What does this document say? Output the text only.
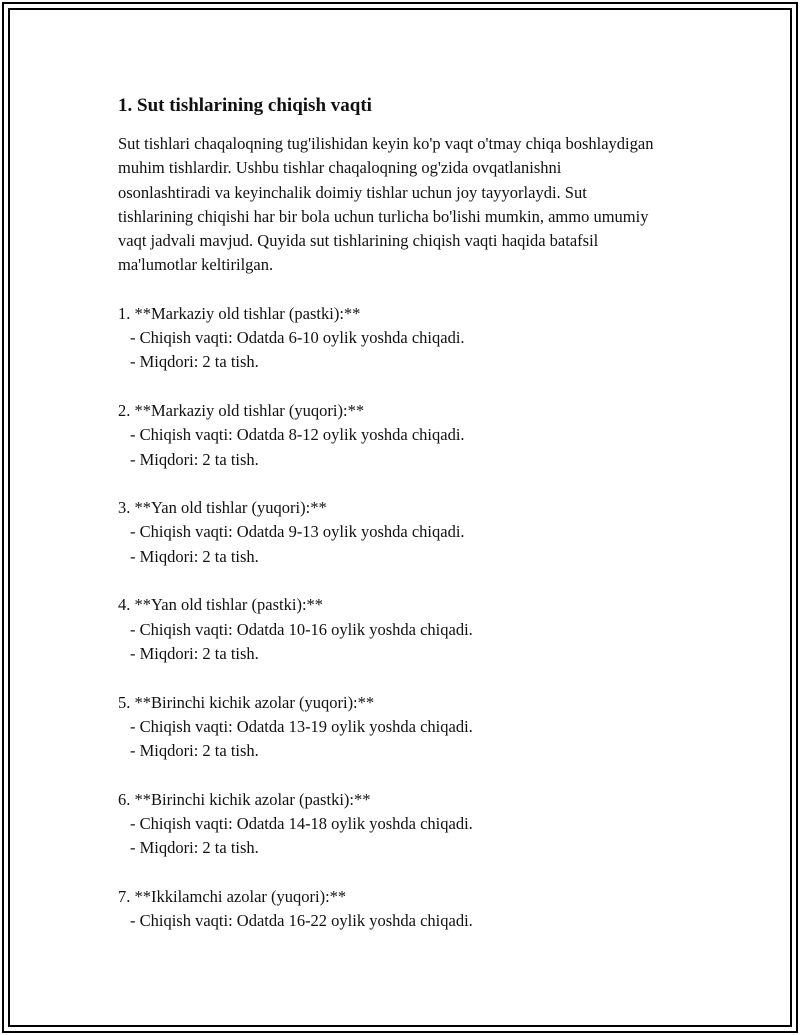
1. Sut tishlarining chiqish vaqti

Sut tishlari chaqaloqning tug'ilishidan keyin ko'p vaqt o'tmay chiqa boshlaydigan muhim tishlardir. Ushbu tishlar chaqaloqning og'zida ovqatlanishni osonlashtiradi va keyinchalik doimiy tishlar uchun joy tayyorlaydi. Sut tishlarining chiqishi har bir bola uchun turlicha bo'lishi mumkin, ammo umumiy vaqt jadvali mavjud. Quyida sut tishlarining chiqish vaqti haqida batafsil ma'lumotlar keltirilgan.

1. **Markaziy old tishlar (pastki):**
- Chiqish vaqti: Odatda 6-10 oylik yoshda chiqadi.
- Miqdori: 2 ta tish.
2. **Markaziy old tishlar (yuqori):**
- Chiqish vaqti: Odatda 8-12 oylik yoshda chiqadi.
- Miqdori: 2 ta tish.
3. **Yan old tishlar (yuqori):**
- Chiqish vaqti: Odatda 9-13 oylik yoshda chiqadi.
- Miqdori: 2 ta tish.
4. **Yan old tishlar (pastki):**
- Chiqish vaqti: Odatda 10-16 oylik yoshda chiqadi.
- Miqdori: 2 ta tish.
5. **Birinchi kichik azolar (yuqori):**
- Chiqish vaqti: Odatda 13-19 oylik yoshda chiqadi.
- Miqdori: 2 ta tish.
6. **Birinchi kichik azolar (pastki):**
- Chiqish vaqti: Odatda 14-18 oylik yoshda chiqadi.
- Miqdori: 2 ta tish.
7. **Ikkilamchi azolar (yuqori):**
- Chiqish vaqti: Odatda 16-22 oylik yoshda chiqadi.
